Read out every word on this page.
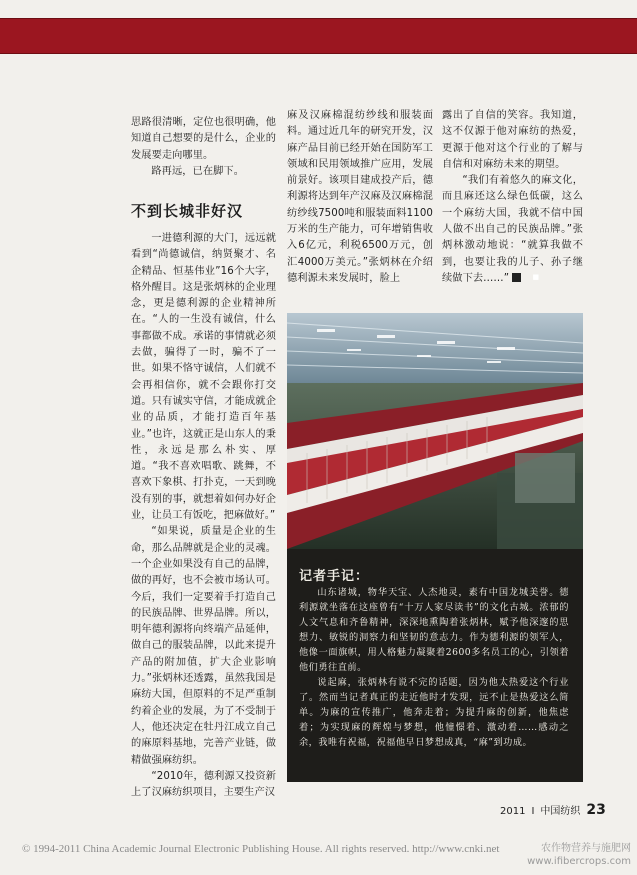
思路很清晰，定位也很明确，他知道自己想要的是什么，企业的发展要走向哪里。

路再远，已在脚下。

不到长城非好汉

一进德利源的大门，远远就看到“尚德诚信，纳贤聚才、名企精品、恒基伟业”16个大字，格外醒目。这是张炳林的企业理念，更是德利源的企业精神所在。“人的一生没有诚信，什么事都做不成。承诺的事情就必须去做，骗得了一时，骗不了一世。如果不恪守诚信，人们就不会再相信你，就不会跟你打交道。只有诚实守信，才能成就企业的品质，才能打造百年基业。”也许，这就正是山东人的秉性，永远是那么朴实、厚道。“我不喜欢唱歌、跳舞，不喜欢下象棋、打扑克，一天到晚没有别的事，就想着如何办好企业，让员工有饭吃，把麻做好。”

“如果说，质量是企业的生命，那么品牌就是企业的灵魂。一个企业如果没有自己的品牌，做的再好，也不会被市场认可。今后，我们一定要着手打造自己的民族品牌、世界品牌。所以，明年德利源将向终端产品延伸，做自己的服装品牌，以此来提升产品的附加值，扩大企业影响力。”张炳林还透露，虽然我国是麻纺大国，但原料的不足严重制约着企业的发展，为了不受制于人，他还决定在牡丹江成立自己的麻原料基地，完善产业链，做精做强麻纺织。

“2010年，德利源又投资新上了汉麻纺织项目，主要生产汉

麻及汉麻棉混纺纱线和服装面料。通过近几年的研究开发，汉麻产品目前已经开始在国防军工领域和民用领域推广应用，发展前景好。该项目建成投产后，德利源将达到年产汉麻及汉麻棉混纺纱线7500吨和服装面料1100万米的生产能力，可年增销售收入6亿元，利税6500万元，创汇4000万美元。”张炳林在介绍德利源未来发展时，脸上

露出了自信的笑容。我知道，这不仅源于他对麻纺的热爱，更源于他对这个行业的了解与自信和对麻纺未来的期望。

“我们有着悠久的麻文化，而且麻还这么绿色低碳，这么一个麻纺大国，我就不信中国人做不出自己的民族品牌。”张炳林激动地说：“就算我做不到，也要让我的儿子、孙子继续做下去……”	■

记者手记：

山东诸城，物华天宝、人杰地灵，素有中国龙城美誉。德利源就坐落在这座曾有“十万人家尽读书”的文化古城。浓郁的人文气息和齐鲁精神，深深地熏陶着张炳林，赋予他深邃的思想力、敏锐的洞察力和坚韧的意志力。作为德利源的领军人，他像一面旗帜，用人格魅力凝聚着2600多名员工的心，引领着他们勇往直前。

说起麻，张炳林有说不完的话题，因为他太热爱这个行业了。然而当记者真正的走近他时才发现，远不止是热爱这么简单。为麻的宣传推广，他奔走着；为提升麻的创新，他焦虑着；为实现麻的辉煌与梦想，他憧憬着、激动着……感动之余，我唯有祝福，祝福他早日梦想成真，“麻”到功成。

2011 I 中国纺织 23
© 1994-2011 China Academic Journal Electronic Publishing House. All rights reserved. http://www.cnki.net	农作物营养与施肥网
www.ifibercrops.com
